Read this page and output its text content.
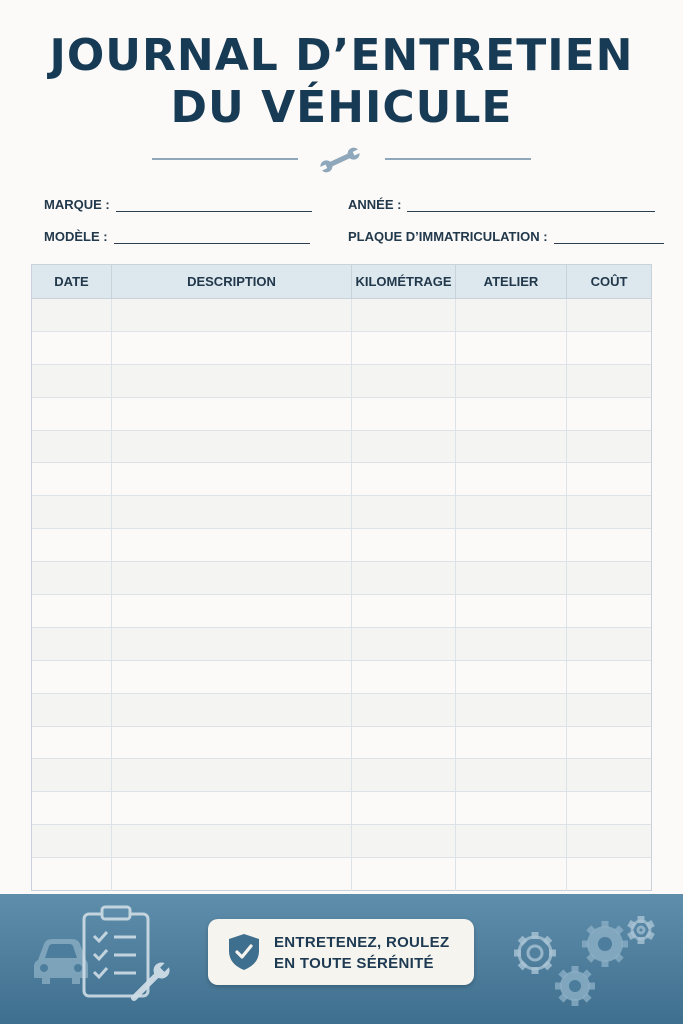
JOURNAL D’ENTRETIEN
DU VÉHICULE
MARQUE :	ANNÉE :
MODÈLE :	PLAQUE D’IMMATRICULATION :
DATE	DESCRIPTION	KILOMÉTRAGE	ATELIER	COÛT
ENTRETENEZ, ROULEZ
EN TOUTE SÉRÉNITÉ
